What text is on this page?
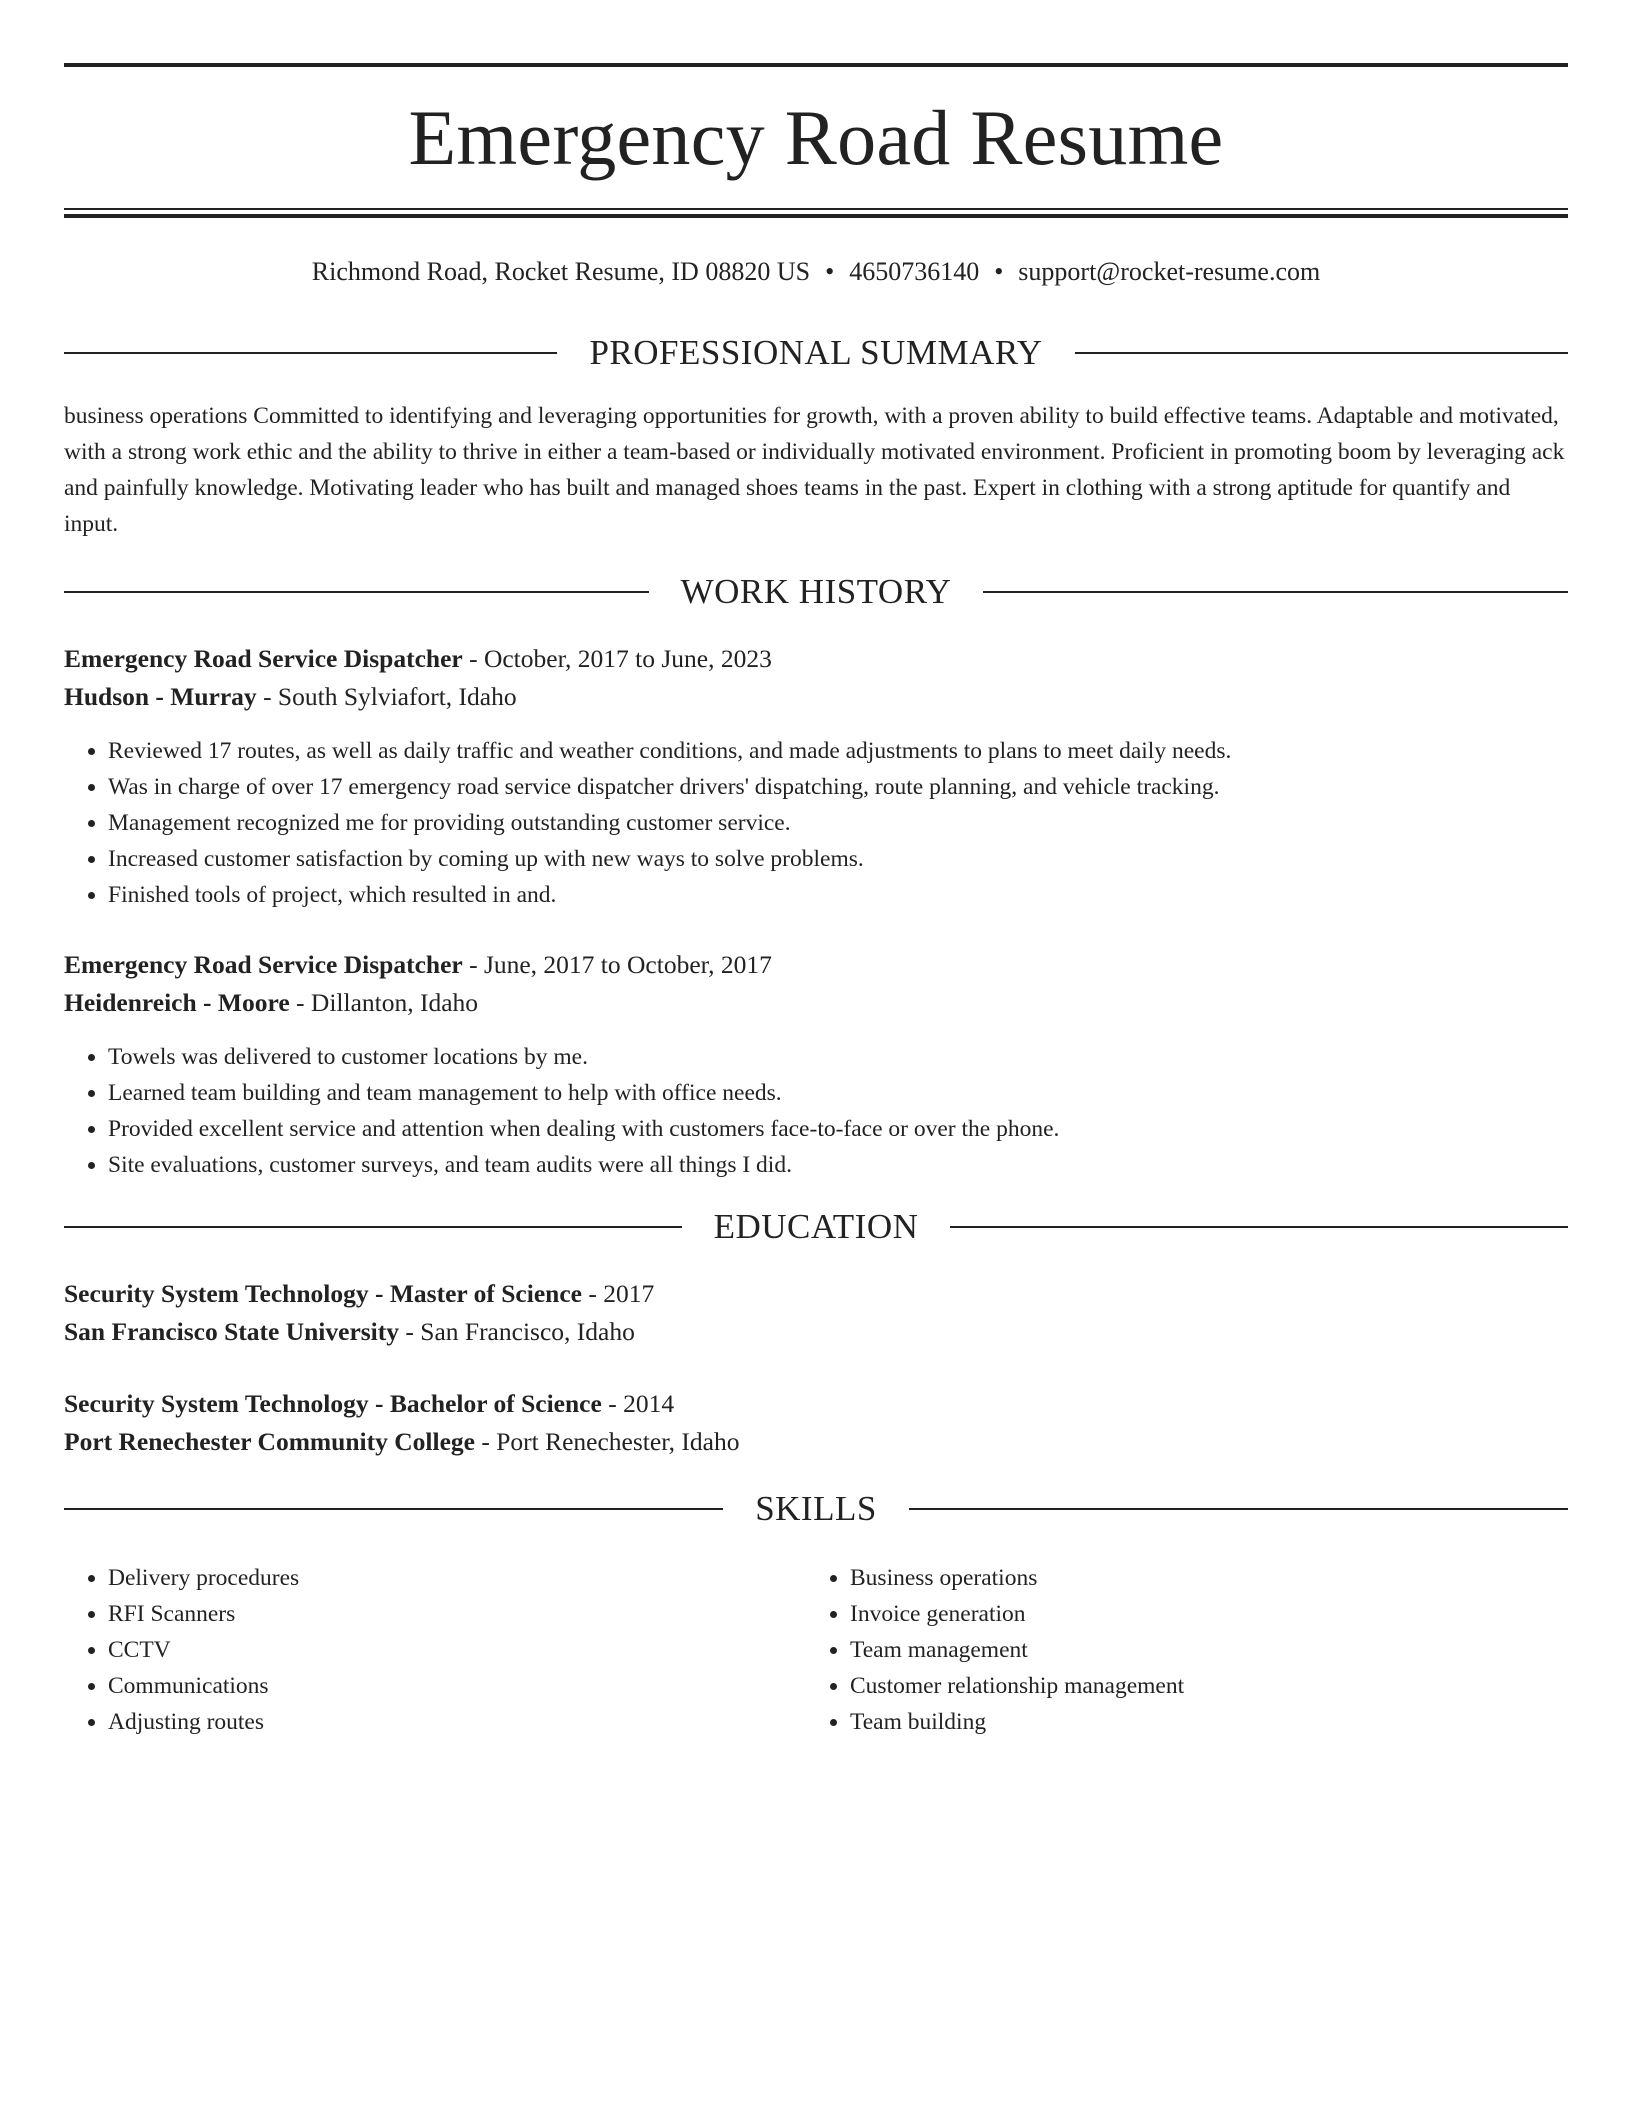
Emergency Road Resume
Richmond Road, Rocket Resume, ID 08820 US • 4650736140 • support@rocket-resume.com
PROFESSIONAL SUMMARY

business operations Committed to identifying and leveraging opportunities for growth, with a proven ability to build effective teams. Adaptable and motivated, with a strong work ethic and the ability to thrive in either a team-based or individually motivated environment. Proficient in promoting boom by leveraging ack and painfully knowledge. Motivating leader who has built and managed shoes teams in the past. Expert in clothing with a strong aptitude for quantify and input.

WORK HISTORY
Emergency Road Service Dispatcher - October, 2017 to June, 2023
Hudson - Murray - South Sylviafort, Idaho
• Reviewed 17 routes, as well as daily traffic and weather conditions, and made adjustments to plans to meet daily needs.
• Was in charge of over 17 emergency road service dispatcher drivers' dispatching, route planning, and vehicle tracking.
• Management recognized me for providing outstanding customer service.
• Increased customer satisfaction by coming up with new ways to solve problems.
• Finished tools of project, which resulted in and.
Emergency Road Service Dispatcher - June, 2017 to October, 2017
Heidenreich - Moore - Dillanton, Idaho
• Towels was delivered to customer locations by me.
• Learned team building and team management to help with office needs.
• Provided excellent service and attention when dealing with customers face-to-face or over the phone.
• Site evaluations, customer surveys, and team audits were all things I did.
EDUCATION
Security System Technology - Master of Science - 2017
San Francisco State University - San Francisco, Idaho
Security System Technology - Bachelor of Science - 2014
Port Renechester Community College - Port Renechester, Idaho
SKILLS
• Delivery procedures
• RFI Scanners
• CCTV
• Communications
• Adjusting routes
• Business operations
• Invoice generation
• Team management
• Customer relationship management
• Team building
